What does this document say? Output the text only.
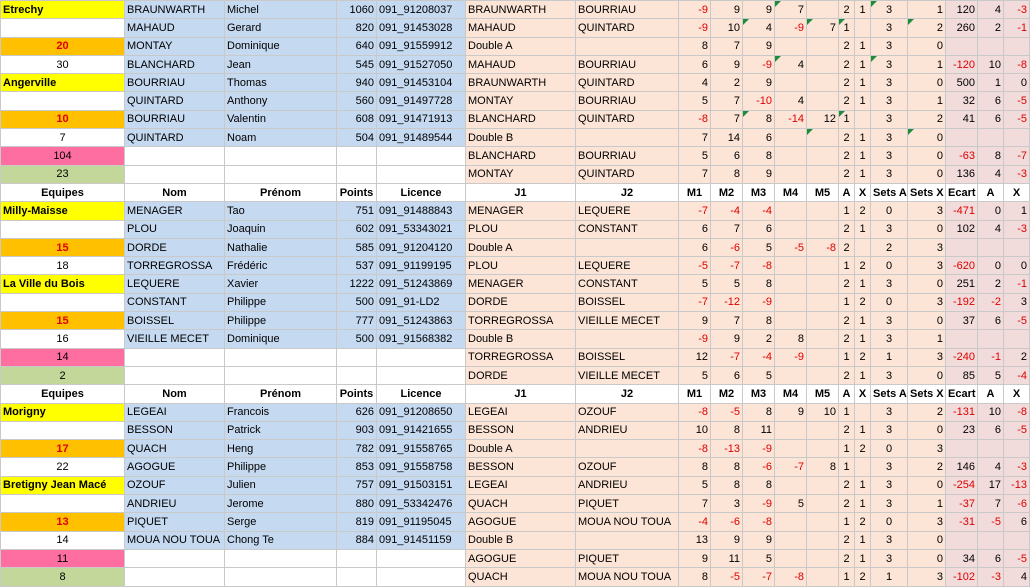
Etrechy	BRAUNWARTH	Michel	1060	091_91208037	BRAUNWARTH	BOURRIAU	-9	9	9	7		2	1	3	1	120	4	-3
	MAHAUD	Gerard	820	091_91453028	MAHAUD	QUINTARD	-9	10	4	-9	7	1		3	2	260	2	-1
20	MONTAY	Dominique	640	091_91559912	Double A		8	7	9			2	1	3	0			
30	BLANCHARD	Jean	545	091_91527050	MAHAUD	BOURRIAU	6	9	-9	4		2	1	3	1	-120	10	-8
Angerville	BOURRIAU	Thomas	940	091_91453104	BRAUNWARTH	QUINTARD	4	2	9			2	1	3	0	500	1	0
	QUINTARD	Anthony	560	091_91497728	MONTAY	BOURRIAU	5	7	-10	4		2	1	3	1	32	6	-5
10	BOURRIAU	Valentin	608	091_91471913	BLANCHARD	QUINTARD	-8	7	8	-14	12	1		3	2	41	6	-5
7	QUINTARD	Noam	504	091_91489544	Double B		7	14	6			2	1	3	0			
104					BLANCHARD	BOURRIAU	5	6	8			2	1	3	0	-63	8	-7
23					MONTAY	QUINTARD	7	8	9			2	1	3	0	136	4	-3
Equipes	Nom	Prénom	Points	Licence	J1	J2	M1	M2	M3	M4	M5	A	X	Sets A	Sets X	Ecart	A	X
Milly-Maisse	MENAGER	Tao	751	091_91488843	MENAGER	LEQUERE	-7	-4	-4			1	2	0	3	-471	0	1
	PLOU	Joaquin	602	091_53343021	PLOU	CONSTANT	6	7	6			2	1	3	0	102	4	-3
15	DORDE	Nathalie	585	091_91204120	Double A		6	-6	5	-5	-8	2		2	3			
18	TORREGROSSA	Frédéric	537	091_91199195	PLOU	LEQUERE	-5	-7	-8			1	2	0	3	-620	0	0
La Ville du Bois	LEQUERE	Xavier	1222	091_51243869	MENAGER	CONSTANT	5	5	8			2	1	3	0	251	2	-1
	CONSTANT	Philippe	500	091_91-LD2	DORDE	BOISSEL	-7	-12	-9			1	2	0	3	-192	-2	3
15	BOISSEL	Philippe	777	091_51243863	TORREGROSSA	VIEILLE MECET	9	7	8			2	1	3	0	37	6	-5
16	VIEILLE MECET	Dominique	500	091_91568382	Double B		-9	9	2	8		2	1	3	1			
14					TORREGROSSA	BOISSEL	12	-7	-4	-9		1	2	1	3	-240	-1	2
2					DORDE	VIEILLE MECET	5	6	5			2	1	3	0	85	5	-4
Equipes	Nom	Prénom	Points	Licence	J1	J2	M1	M2	M3	M4	M5	A	X	Sets A	Sets X	Ecart	A	X
Morigny	LEGEAI	Francois	626	091_91208650	LEGEAI	OZOUF	-8	-5	8	9	10	1		3	2	-131	10	-8
	BESSON	Patrick	903	091_91421655	BESSON	ANDRIEU	10	8	11			2	1	3	0	23	6	-5
17	QUACH	Heng	782	091_91558765	Double A		-8	-13	-9			1	2	0	3			
22	AGOGUE	Philippe	853	091_91558758	BESSON	OZOUF	8	8	-6	-7	8	1		3	2	146	4	-3
Bretigny Jean Macé	OZOUF	Julien	757	091_91503151	LEGEAI	ANDRIEU	5	8	8			2	1	3	0	-254	17	-13
	ANDRIEU	Jerome	880	091_53342476	QUACH	PIQUET	7	3	-9	5		2	1	3	1	-37	7	-6
13	PIQUET	Serge	819	091_91195045	AGOGUE	MOUA NOU TOUA	-4	-6	-8			1	2	0	3	-31	-5	6
14	MOUA NOU TOUA	Chong Te	884	091_91451159	Double B		13	9	9			2	1	3	0			
11					AGOGUE	PIQUET	9	11	5			2	1	3	0	34	6	-5
8					QUACH	MOUA NOU TOUA	8	-5	-7	-8		1	2	1	3	-102	-3	4
